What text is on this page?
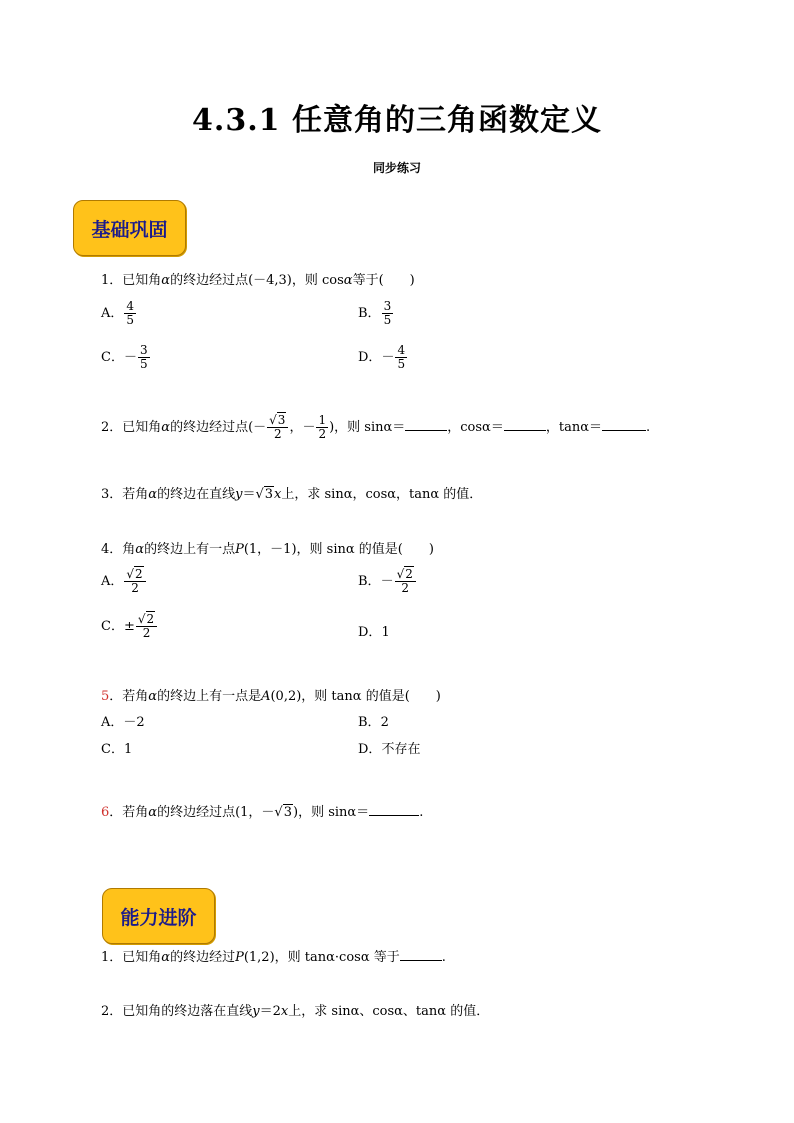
4.3.1 任意角的三角函数定义
同步练习
基础巩固
1．已知角α的终边经过点(－4,3)，则 cosα等于(　　)
A． $\frac{4}{5}$	B． $\frac{3}{5}$
C．－ $\frac{3}{5}$	D．－ $\frac{4}{5}$
2．已知角α的终边经过点(－ $\frac{√3}{2}$ ，－ $\frac{1}{2}$ )，则 sinα＝	，cosα＝	，tanα＝	.
3．若角α的终边在直线y＝√3x上，求 sinα，cosα，tanα 的值．
4．角α的终边上有一点P(1，－1)，则 sinα 的值是(　　)
A． $\frac{√2}{2}$	B．－ $\frac{√2}{2}$
C．± $\frac{√2}{2}$	D．1
5．若角α的终边上有一点是A(0,2)，则 tanα 的值是(　　)
A．－2	B．2
C．1	D．不存在
6．若角α的终边经过点(1，－√3)，则 sinα＝	.
能力进阶
1．已知角α的终边经过P(1,2)，则 tanα·cosα 等于	.
2．已知角的终边落在直线y＝2x上，求 sinα、cosα、tanα 的值．
